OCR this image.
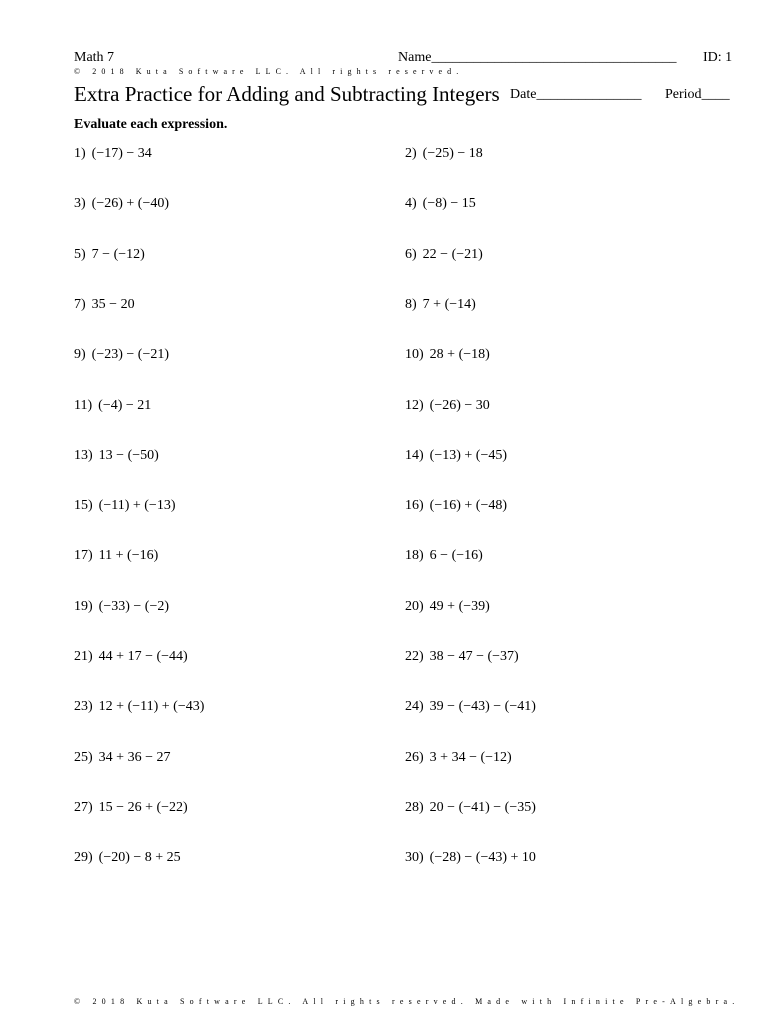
Math 7	Name___________________________________ ID: 1
© 2018 Kuta Software LLC. All rights reserved.
Extra Practice for Adding and Subtracting Integers Date_______________ Period____
Evaluate each expression.
1) (−17) − 34	2) (−25) − 18
3) (−26) + (−40)	4) (−8) − 15
5) 7 − (−12)	6) 22 − (−21)
7) 35 − 20	8) 7 + (−14)
9) (−23) − (−21)	10) 28 + (−18)
11) (−4) − 21	12) (−26) − 30
13) 13 − (−50)	14) (−13) + (−45)
15) (−11) + (−13)	16) (−16) + (−48)
17) 11 + (−16)	18) 6 − (−16)
19) (−33) − (−2)	20) 49 + (−39)
21) 44 + 17 − (−44)	22) 38 − 47 − (−37)
23) 12 + (−11) + (−43)	24) 39 − (−43) − (−41)
25) 34 + 36 − 27	26) 3 + 34 − (−12)
27) 15 − 26 + (−22)	28) 20 − (−41) − (−35)
29) (−20) − 8 + 25	30) (−28) − (−43) + 10
© 2018 Kuta Software LLC. All rights reserved. Made with Infinite Pre-Algebra.
